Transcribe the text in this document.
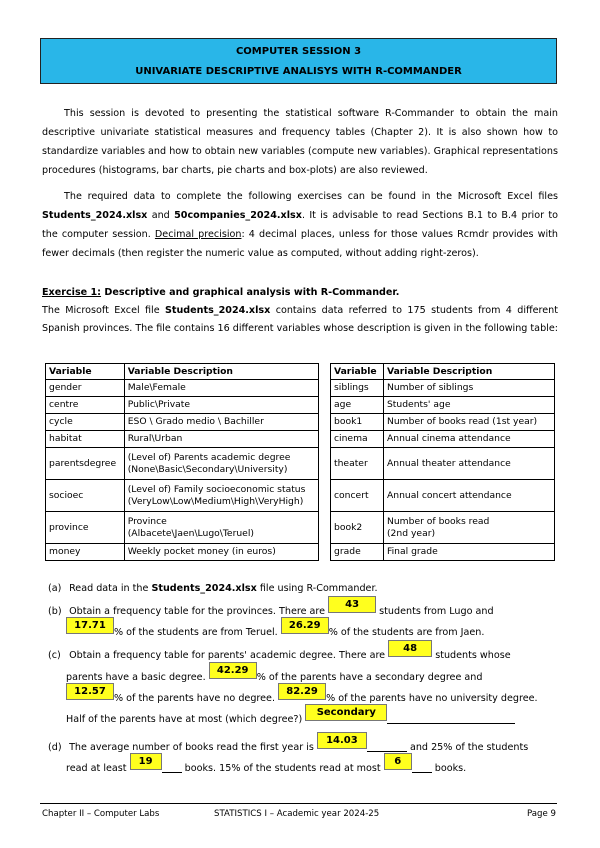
COMPUTER SESSION 3
UNIVARIATE DESCRIPTIVE ANALISYS WITH R-COMMANDER
This session is devoted to presenting the statistical software R-Commander to obtain the main descriptive univariate statistical measures and frequency tables (Chapter 2). It is also shown how to standardize variables and how to obtain new variables (compute new variables). Graphical representations procedures (histograms, bar charts, pie charts and box-plots) are also reviewed.
The required data to complete the following exercises can be found in the Microsoft Excel files Students_2024.xlsx and 50companies_2024.xlsx. It is advisable to read Sections B.1 to B.4 prior to the computer session. Decimal precision: 4 decimal places, unless for those values Rcmdr provides with fewer decimals (then register the numeric value as computed, without adding right-zeros).
Exercise 1: Descriptive and graphical analysis with R-Commander.
The Microsoft Excel file Students_2024.xlsx contains data referred to 175 students from 4 different Spanish provinces. The file contains 16 different variables whose description is given in the following table:
Variable	Variable Description
gender	Male\Female
centre	Public\Private
cycle	ESO \ Grado medio \ Bachiller
habitat	Rural\Urban
parentsdegree	(Level of) Parents academic degree
(None\Basic\Secondary\University)

socioec	(Level of) Family socioeconomic status
(VeryLow\Low\Medium\High\VeryHigh)

province	Province
(Albacete\Jaen\Lugo\Teruel)

money	Weekly pocket money (in euros)
Variable	Variable Description
siblings	Number of siblings
age	Students' age
book1	Number of books read (1st year)
cinema	Annual cinema attendance
theater	Annual theater attendance
concert	Annual concert attendance
book2	Number of books read
(2nd year)

grade	Final grade
(a) Read data in the Students_2024.xlsx file using R-Commander.
(b) Obtain a frequency table for the provinces. There are 43 students from Lugo and
17.71% of the students are from Teruel. 26.29% of the students are from Jaen.
(c) Obtain a frequency table for parents' academic degree. There are 48 students whose
parents have a basic degree. 42.29% of the parents have a secondary degree and
12.57% of the parents have no degree. 82.29% of the parents have no university degree.
Half of the parents have at most (which degree?) Secondary
(d) The average number of books read the first year is 14.03 and 25% of the students
read at least 19 books. 15% of the students read at most 6 books.
Chapter II – Computer Labs	STATISTICS I – Academic year 2024-25	Page 9
